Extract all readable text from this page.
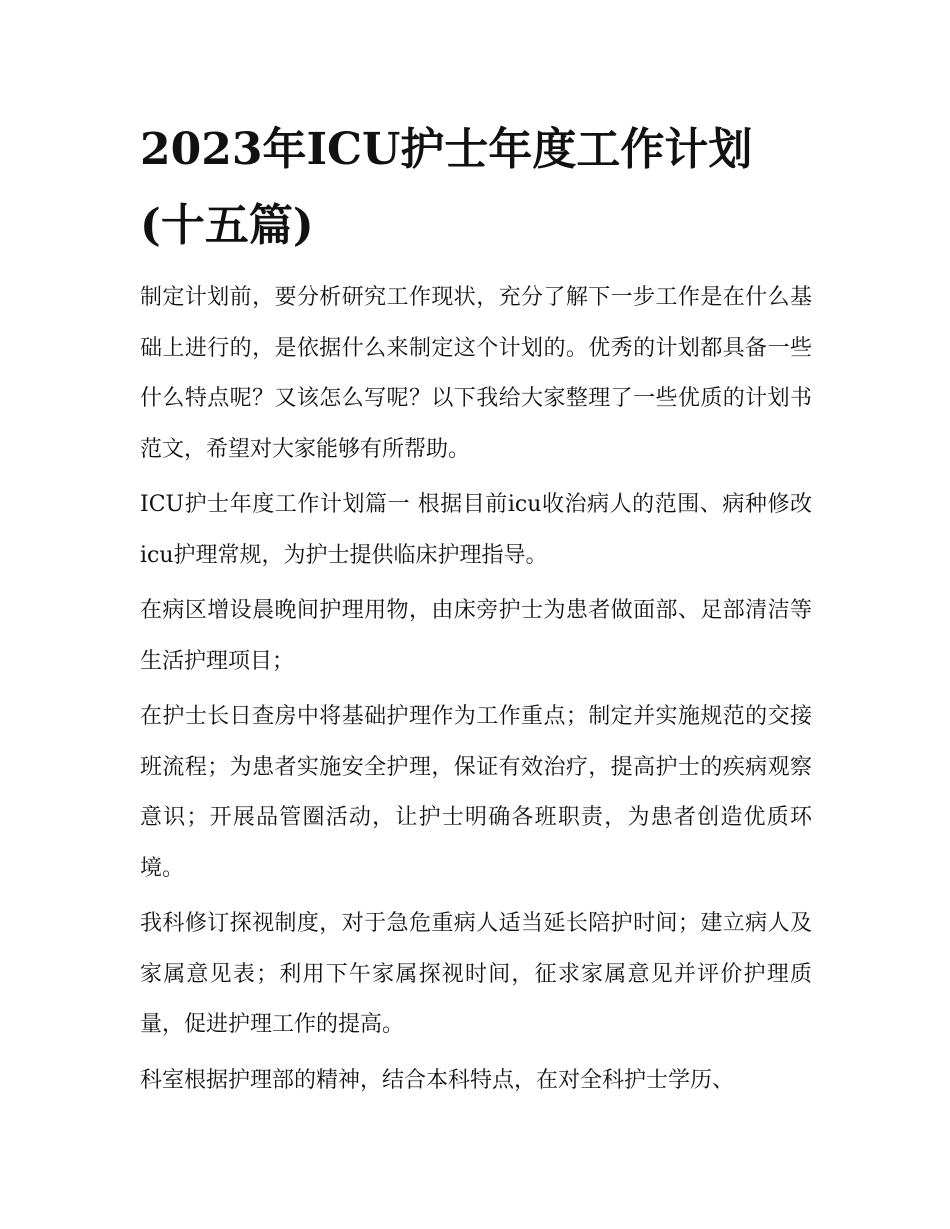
2023年ICU护士年度工作计划(十五篇)

制定计划前，要分析研究工作现状，充分了解下一步工作是在什么基础上进行的，是依据什么来制定这个计划的。优秀的计划都具备一些什么特点呢？又该怎么写呢？以下我给大家整理了一些优质的计划书范文，希望对大家能够有所帮助。

ICU护士年度工作计划篇一 根据目前icu收治病人的范围、病种修改icu护理常规，为护士提供临床护理指导。

在病区增设晨晚间护理用物，由床旁护士为患者做面部、足部清洁等生活护理项目；

在护士长日查房中将基础护理作为工作重点；制定并实施规范的交接班流程；为患者实施安全护理，保证有效治疗，提高护士的疾病观察意识；开展品管圈活动，让护士明确各班职责，为患者创造优质环境。

我科修订探视制度，对于急危重病人适当延长陪护时间；建立病人及家属意见表；利用下午家属探视时间，征求家属意见并评价护理质量，促进护理工作的提高。

科室根据护理部的精神，结合本科特点，在对全科护士学历、
